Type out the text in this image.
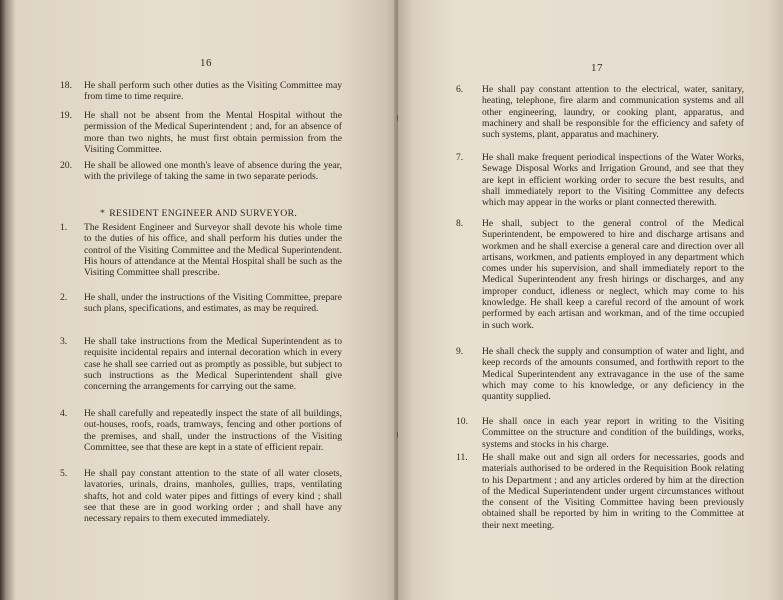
16
18.	He shall perform such other duties as the Visiting Committee may from time to time require.
19.	He shall not be absent from the Mental Hospital without the permission of the Medical Superintendent ; and, for an absence of more than two nights, he must first obtain permission from the Visiting Committee.
20.	He shall be allowed one month's leave of absence during the year, with the privilege of taking the same in two separate periods.
* RESIDENT ENGINEER AND SURVEYOR.
1.	The Resident Engineer and Surveyor shall devote his whole time to the duties of his office, and shall perform his duties under the control of the Visiting Committee and the Medical Superintendent. His hours of attendance at the Mental Hospital shall be such as the Visiting Committee shall prescribe.
2.	He shall, under the instructions of the Visiting Committee, prepare such plans, specifications, and estimates, as may be required.
3.	He shall take instructions from the Medical Superintendent as to requisite incidental repairs and internal decoration which in every case he shall see carried out as promptly as possible, but subject to such instructions as the Medical Superintendent shall give concerning the arrangements for carrying out the same.
4.	He shall carefully and repeatedly inspect the state of all buildings, out-houses, roofs, roads, tramways, fencing and other portions of the premises, and shall, under the instructions of the Visiting Committee, see that these are kept in a state of efficient repair.
5.	He shall pay constant attention to the state of all water closets, lavatories, urinals, drains, manholes, gullies, traps, ventilating shafts, hot and cold water pipes and fittings of every kind ; shall see that these are in good working order ; and shall have any necessary repairs to them executed immediately.
17
6.	He shall pay constant attention to the electrical, water, sanitary, heating, telephone, fire alarm and communication systems and all other engineering, laundry, or cooking plant, apparatus, and machinery and shall be responsible for the efficiency and safety of such systems, plant, apparatus and machinery.
7.	He shall make frequent periodical inspections of the Water Works, Sewage Disposal Works and Irrigation Ground, and see that they are kept in efficient working order to secure the best results, and shall immediately report to the Visiting Committee any defects which may appear in the works or plant connected therewith.
8.	He shall, subject to the general control of the Medical Superintendent, be empowered to hire and discharge artisans and workmen and he shall exercise a general care and direction over all artisans, workmen, and patients employed in any department which comes under his supervision, and shall immediately report to the Medical Superintendent any fresh hirings or discharges, and any improper conduct, idleness or neglect, which may come to his knowledge. He shall keep a careful record of the amount of work performed by each artisan and workman, and of the time occupied in such work.
9.	He shall check the supply and consumption of water and light, and keep records of the amounts consumed, and forthwith report to the Medical Superintendent any extravagance in the use of the same which may come to his knowledge, or any deficiency in the quantity supplied.
10.	He shall once in each year report in writing to the Visiting Committee on the structure and condition of the buildings, works, systems and stocks in his charge.
11.	He shall make out and sign all orders for necessaries, goods and materials authorised to be ordered in the Requisition Book relating to his Department ; and any articles ordered by him at the direction of the Medical Superintendent under urgent circumstances without the consent of the Visiting Committee having been previously obtained shall be reported by him in writing to the Committee at their next meeting.
